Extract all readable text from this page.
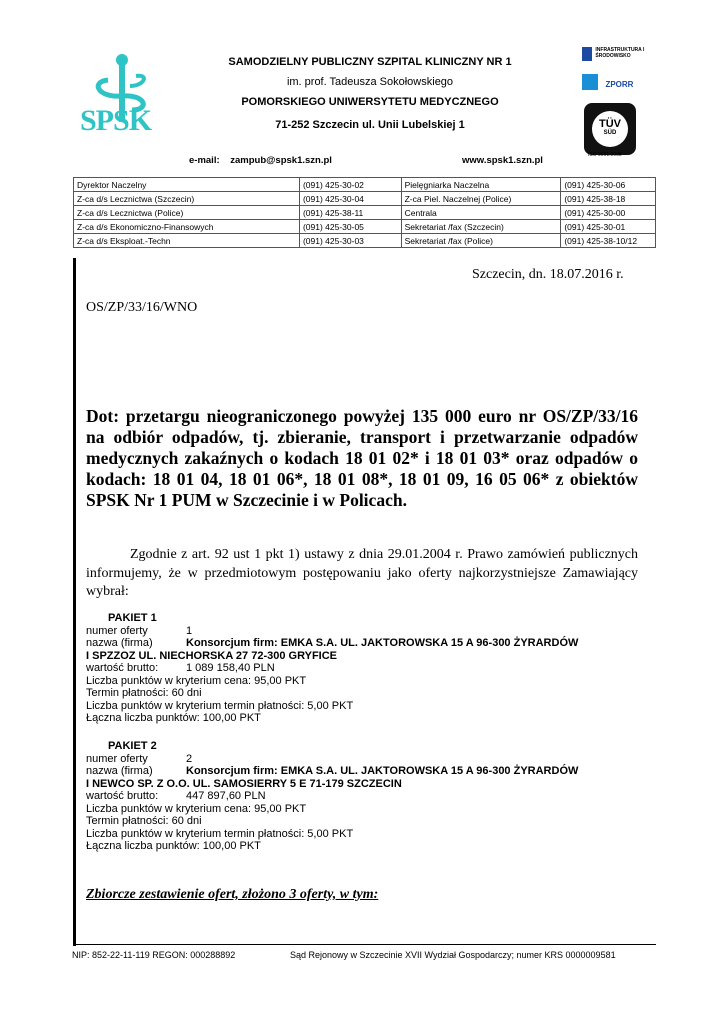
SPSK
SAMODZIELNY PUBLICZNY SZPITAL KLINICZNY NR 1
im. prof. Tadeusza Sokołowskiego
POMORSKIEGO UNIWERSYTETU MEDYCZNEGO
71-252 Szczecin ul. Unii Lubelskiej 1
INFRASTRUKTURA I ŚRODOWISKO
ZPORR
TÜV
SÜD
ISO 9001:2008
e-mail: zampub@spsk1.szn.pl	www.spsk1.szn.pl
Dyrektor Naczelny	(091) 425-30-02	Pielęgniarka Naczelna	(091) 425-30-06
Z-ca d/s Lecznictwa (Szczecin)	(091) 425-30-04	Z-ca Piel. Naczelnej (Police)	(091) 425-38-18
Z-ca d/s Lecznictwa (Police)	(091) 425-38-11	Centrala	(091) 425-30-00
Z-ca d/s Ekonomiczno-Finansowych	(091) 425-30-05	Sekretariat /fax (Szczecin)	(091) 425-30-01
Z-ca d/s Eksploat.-Techn	(091) 425-30-03	Sekretariat /fax (Police)	(091) 425-38-10/12
Szczecin, dn. 18.07.2016 r.
OS/ZP/33/16/WNO
Dot: przetargu nieograniczonego powyżej 135 000 euro nr OS/ZP/33/16 na odbiór odpadów, tj. zbieranie, transport i przetwarzanie odpadów medycznych zakaźnych o kodach 18 01 02* i 18 01 03* oraz odpadów o kodach: 18 01 04, 18 01 06*, 18 01 08*, 18 01 09, 16 05 06* z obiektów SPSK Nr 1 PUM w Szczecinie i w Policach.
Zgodnie z art. 92 ust 1 pkt 1) ustawy z dnia 29.01.2004 r. Prawo zamówień publicznych informujemy, że w przedmiotowym postępowaniu jako oferty najkorzystniejsze Zamawiający wybrał:
PAKIET 1
numer oferty	1
nazwa (firma)	Konsorcjum firm: EMKA S.A. UL. JAKTOROWSKA 15 A 96-300 ŻYRARDÓW
I SPZZOZ UL. NIECHORSKA 27 72-300 GRYFICE
wartość brutto:	1 089 158,40 PLN
Liczba punktów w kryterium cena: 95,00 PKT
Termin płatności: 60 dni
Liczba punktów w kryterium termin płatności: 5,00 PKT
Łączna liczba punktów: 100,00 PKT
PAKIET 2
numer oferty	2
nazwa (firma)	Konsorcjum firm: EMKA S.A. UL. JAKTOROWSKA 15 A 96-300 ŻYRARDÓW
I NEWCO SP. Z O.O. UL. SAMOSIERRY 5 E 71-179 SZCZECIN
wartość brutto:	447 897,60 PLN
Liczba punktów w kryterium cena: 95,00 PKT
Termin płatności: 60 dni
Liczba punktów w kryterium termin płatności: 5,00 PKT
Łączna liczba punktów: 100,00 PKT
Zbiorcze zestawienie ofert, złożono 3 oferty, w tym:
NIP: 852-22-11-119 REGON: 000288892	Sąd Rejonowy w Szczecinie XVII Wydział Gospodarczy; numer KRS 0000009581
